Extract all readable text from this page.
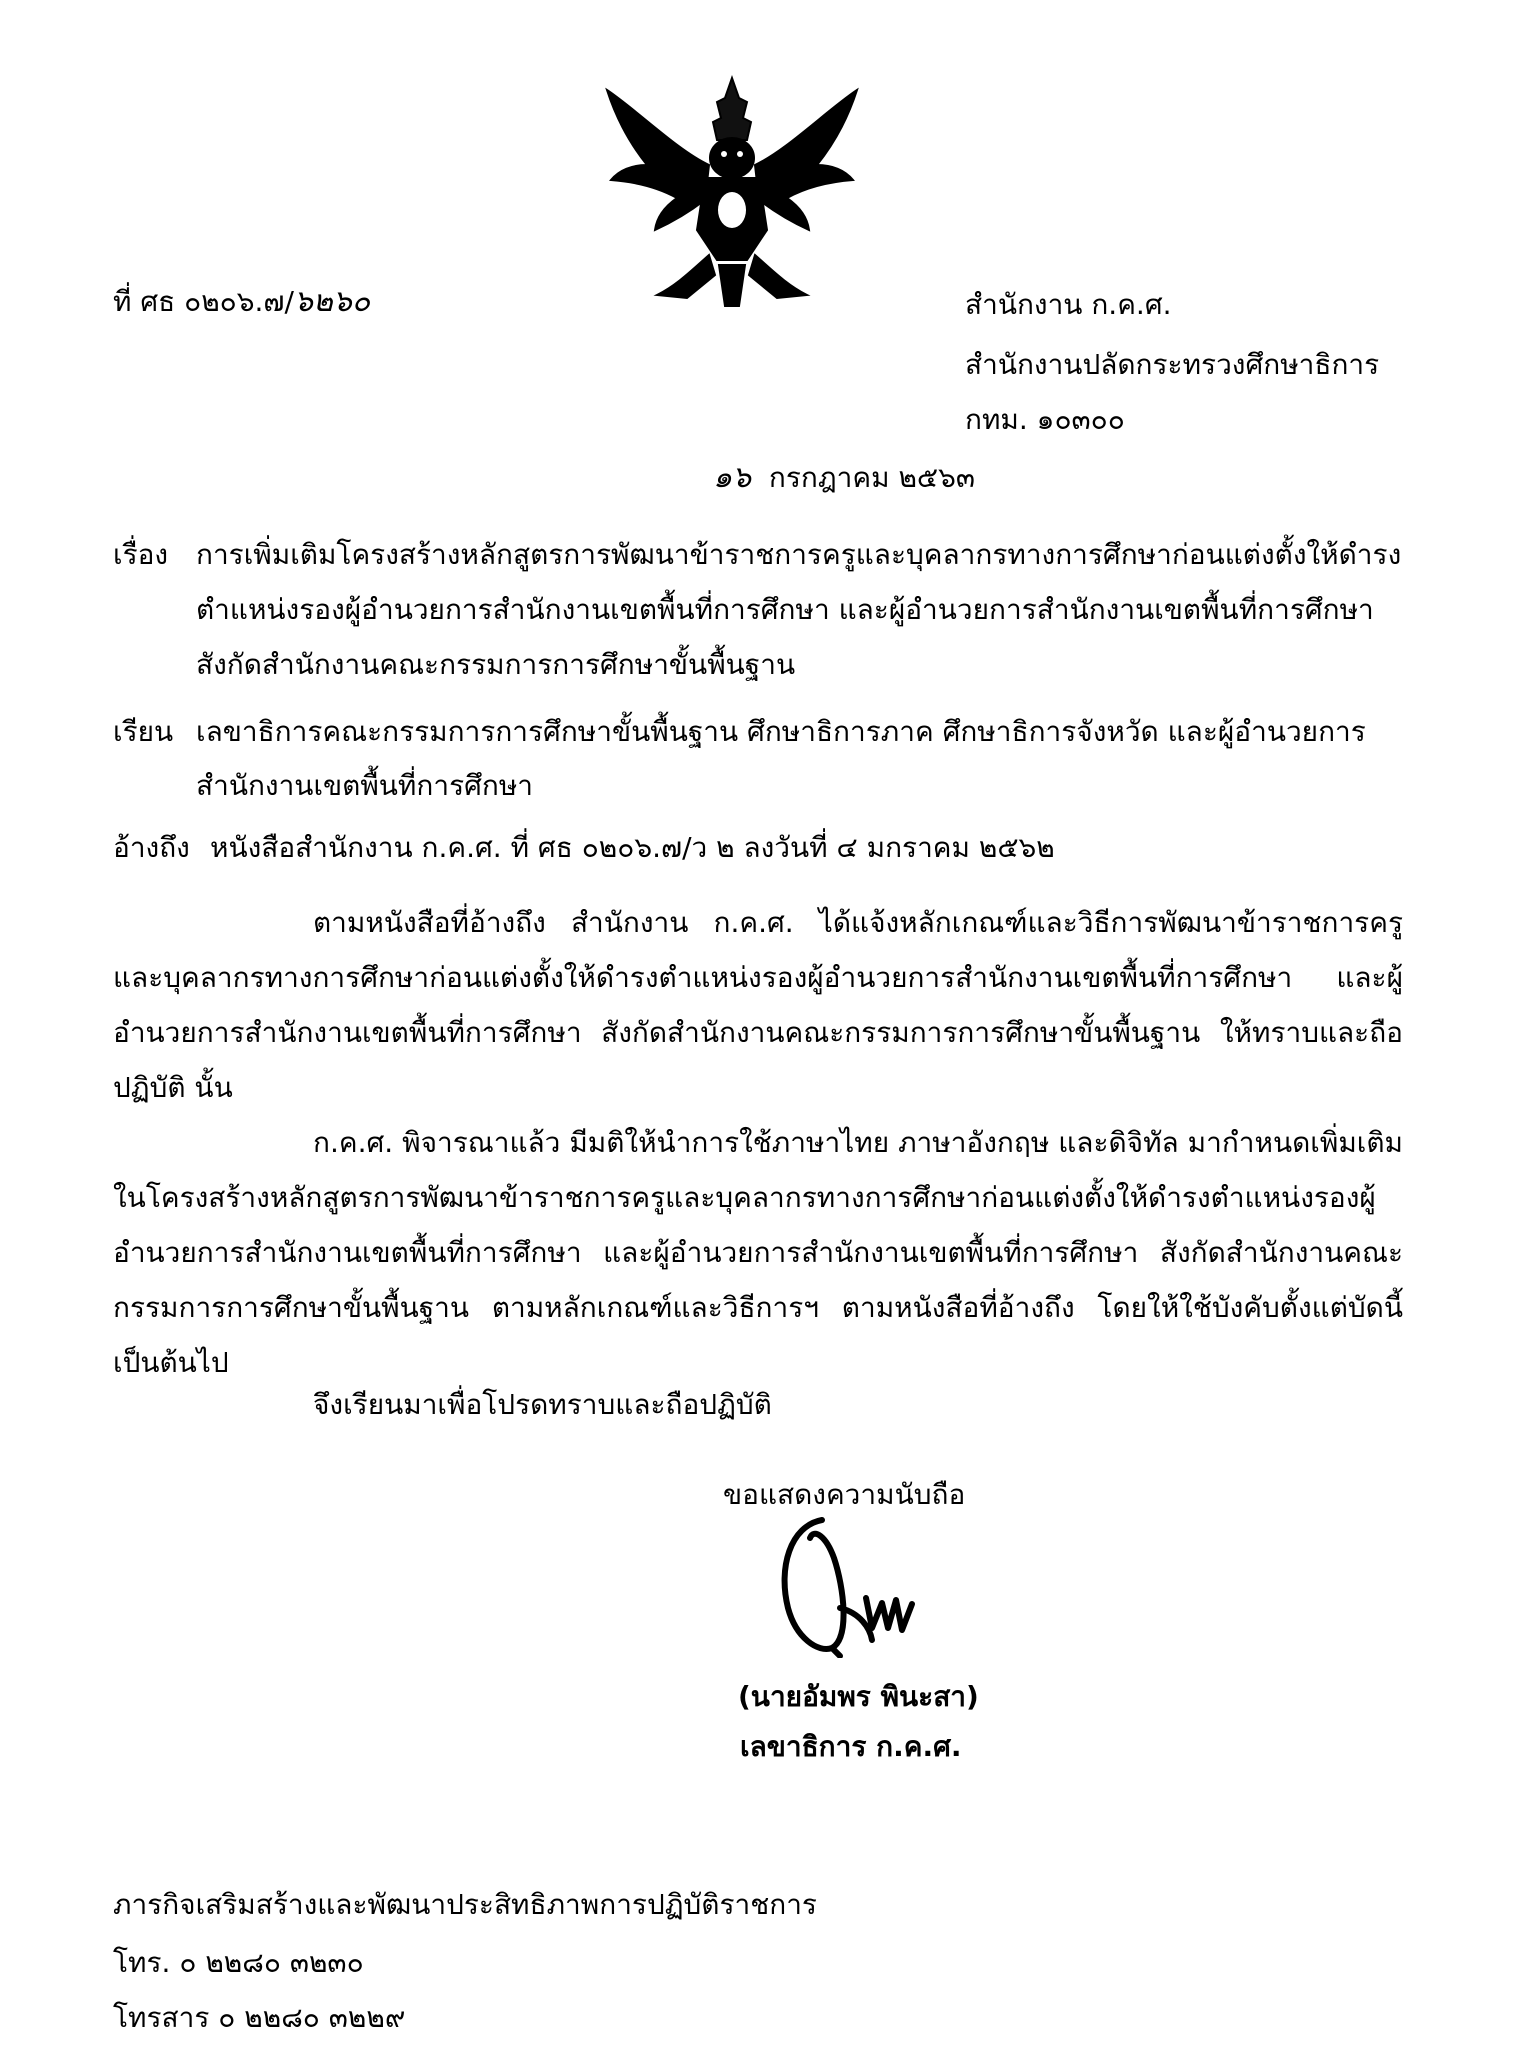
ที่ ศธ ๐๒๐๖.๗/๖๒๖๐	สำนักงาน ก.ค.ศ.
สำนักงานปลัดกระทรวงศึกษาธิการ
กทม. ๑๐๓๐๐
๑๖ กรกฎาคม ๒๕๖๓
เรื่อง การเพิ่มเติมโครงสร้างหลักสูตรการพัฒนาข้าราชการครูและบุคลากรทางการศึกษาก่อนแต่งตั้งให้ดำรง
ตำแหน่งรองผู้อำนวยการสำนักงานเขตพื้นที่การศึกษา และผู้อำนวยการสำนักงานเขตพื้นที่การศึกษา
สังกัดสำนักงานคณะกรรมการการศึกษาขั้นพื้นฐาน
เรียน เลขาธิการคณะกรรมการการศึกษาขั้นพื้นฐาน ศึกษาธิการภาค ศึกษาธิการจังหวัด และผู้อำนวยการ
สำนักงานเขตพื้นที่การศึกษา
อ้างถึง หนังสือสำนักงาน ก.ค.ศ. ที่ ศธ ๐๒๐๖.๗/ว ๒ ลงวันที่ ๔ มกราคม ๒๕๖๒
ตามหนังสือที่อ้างถึง สำนักงาน ก.ค.ศ. ได้แจ้งหลักเกณฑ์และวิธีการพัฒนาข้าราชการครูและบุคลากรทางการศึกษาก่อนแต่งตั้งให้ดำรงตำแหน่งรองผู้อำนวยการสำนักงานเขตพื้นที่การศึกษา และผู้อำนวยการสำนักงานเขตพื้นที่การศึกษา สังกัดสำนักงานคณะกรรมการการศึกษาขั้นพื้นฐาน ให้ทราบและถือปฏิบัติ นั้น
ก.ค.ศ. พิจารณาแล้ว มีมติให้นำการใช้ภาษาไทย ภาษาอังกฤษ และดิจิทัล มากำหนดเพิ่มเติมในโครงสร้างหลักสูตรการพัฒนาข้าราชการครูและบุคลากรทางการศึกษาก่อนแต่งตั้งให้ดำรงตำแหน่งรองผู้อำนวยการสำนักงานเขตพื้นที่การศึกษา และผู้อำนวยการสำนักงานเขตพื้นที่การศึกษา สังกัดสำนักงานคณะกรรมการการศึกษาขั้นพื้นฐาน ตามหลักเกณฑ์และวิธีการฯ ตามหนังสือที่อ้างถึง โดยให้ใช้บังคับตั้งแต่บัดนี้เป็นต้นไป
จึงเรียนมาเพื่อโปรดทราบและถือปฏิบัติ
ขอแสดงความนับถือ
(นายอัมพร พินะสา)
เลขาธิการ ก.ค.ศ.
ภารกิจเสริมสร้างและพัฒนาประสิทธิภาพการปฏิบัติราชการ
โทร. ๐ ๒๒๘๐ ๓๒๓๐
โทรสาร ๐ ๒๒๘๐ ๓๒๒๙
